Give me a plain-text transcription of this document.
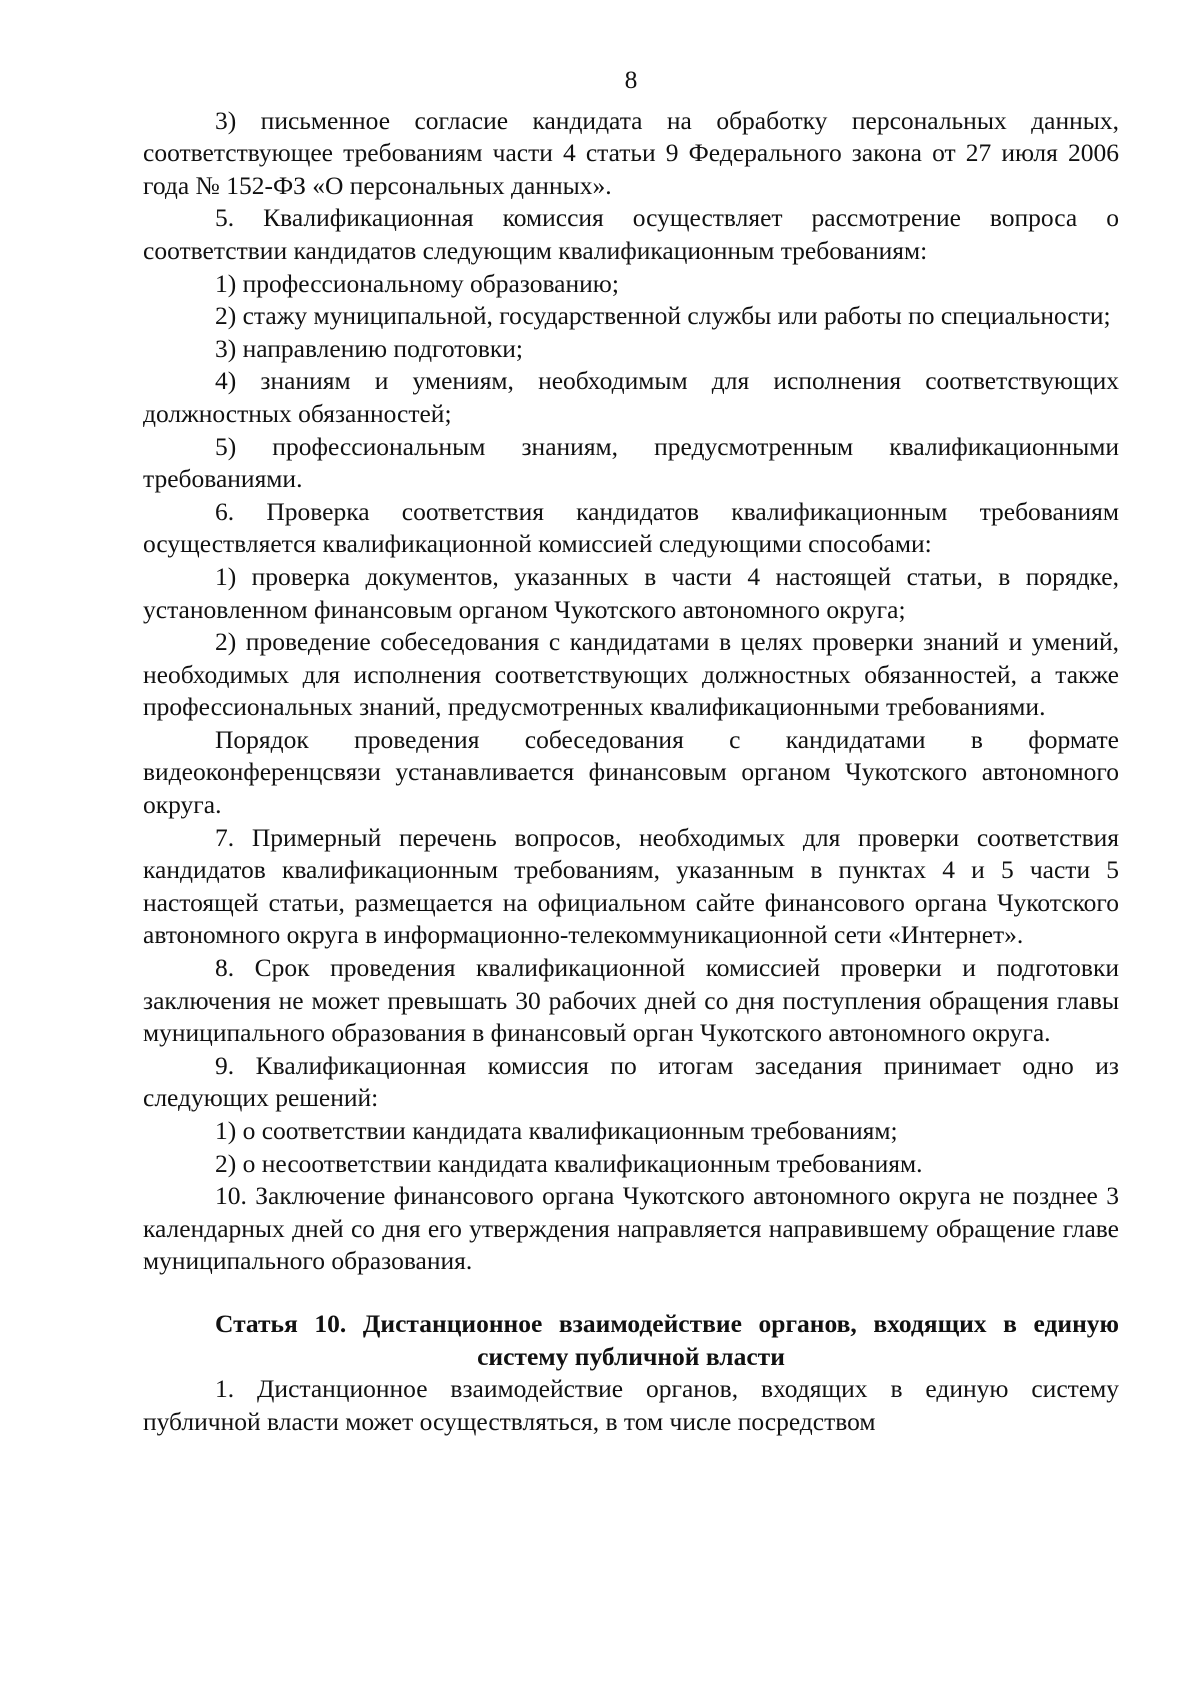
8

3) письменное согласие кандидата на обработку персональных данных, соответствующее требованиям части 4 статьи 9 Федерального закона от 27 июля 2006 года № 152-ФЗ «О персональных данных».

5. Квалификационная комиссия осуществляет рассмотрение вопроса о соответствии кандидатов следующим квалификационным требованиям:

1) профессиональному образованию;

2) стажу муниципальной, государственной службы или работы по специальности;

3) направлению подготовки;

4) знаниям и умениям, необходимым для исполнения соответствующих должностных обязанностей;

5) профессиональным знаниям, предусмотренным квалификационными требованиями.

6. Проверка соответствия кандидатов квалификационным требованиям осуществляется квалификационной комиссией следующими способами:

1) проверка документов, указанных в части 4 настоящей статьи, в порядке, установленном финансовым органом Чукотского автономного округа;

2) проведение собеседования с кандидатами в целях проверки знаний и умений, необходимых для исполнения соответствующих должностных обязанностей, а также профессиональных знаний, предусмотренных квалификационными требованиями.

Порядок проведения собеседования с кандидатами в формате видеоконференцсвязи устанавливается финансовым органом Чукотского автономного округа.

7. Примерный перечень вопросов, необходимых для проверки соответствия кандидатов квалификационным требованиям, указанным в пунктах 4 и 5 части 5 настоящей статьи, размещается на официальном сайте финансового органа Чукотского автономного округа в информационно-телекоммуникационной сети «Интернет».

8. Срок проведения квалификационной комиссией проверки и подготовки заключения не может превышать 30 рабочих дней со дня поступления обращения главы муниципального образования в финансовый орган Чукотского автономного округа.

9. Квалификационная комиссия по итогам заседания принимает одно из следующих решений:

1) о соответствии кандидата квалификационным требованиям;

2) о несоответствии кандидата квалификационным требованиям.

10. Заключение финансового органа Чукотского автономного округа не позднее 3 календарных дней со дня его утверждения направляется направившему обращение главе муниципального образования.

Статья 10. Дистанционное взаимодействие органов, входящих в единую систему публичной власти

1. Дистанционное взаимодействие органов, входящих в единую систему публичной власти может осуществляться, в том числе посредством
